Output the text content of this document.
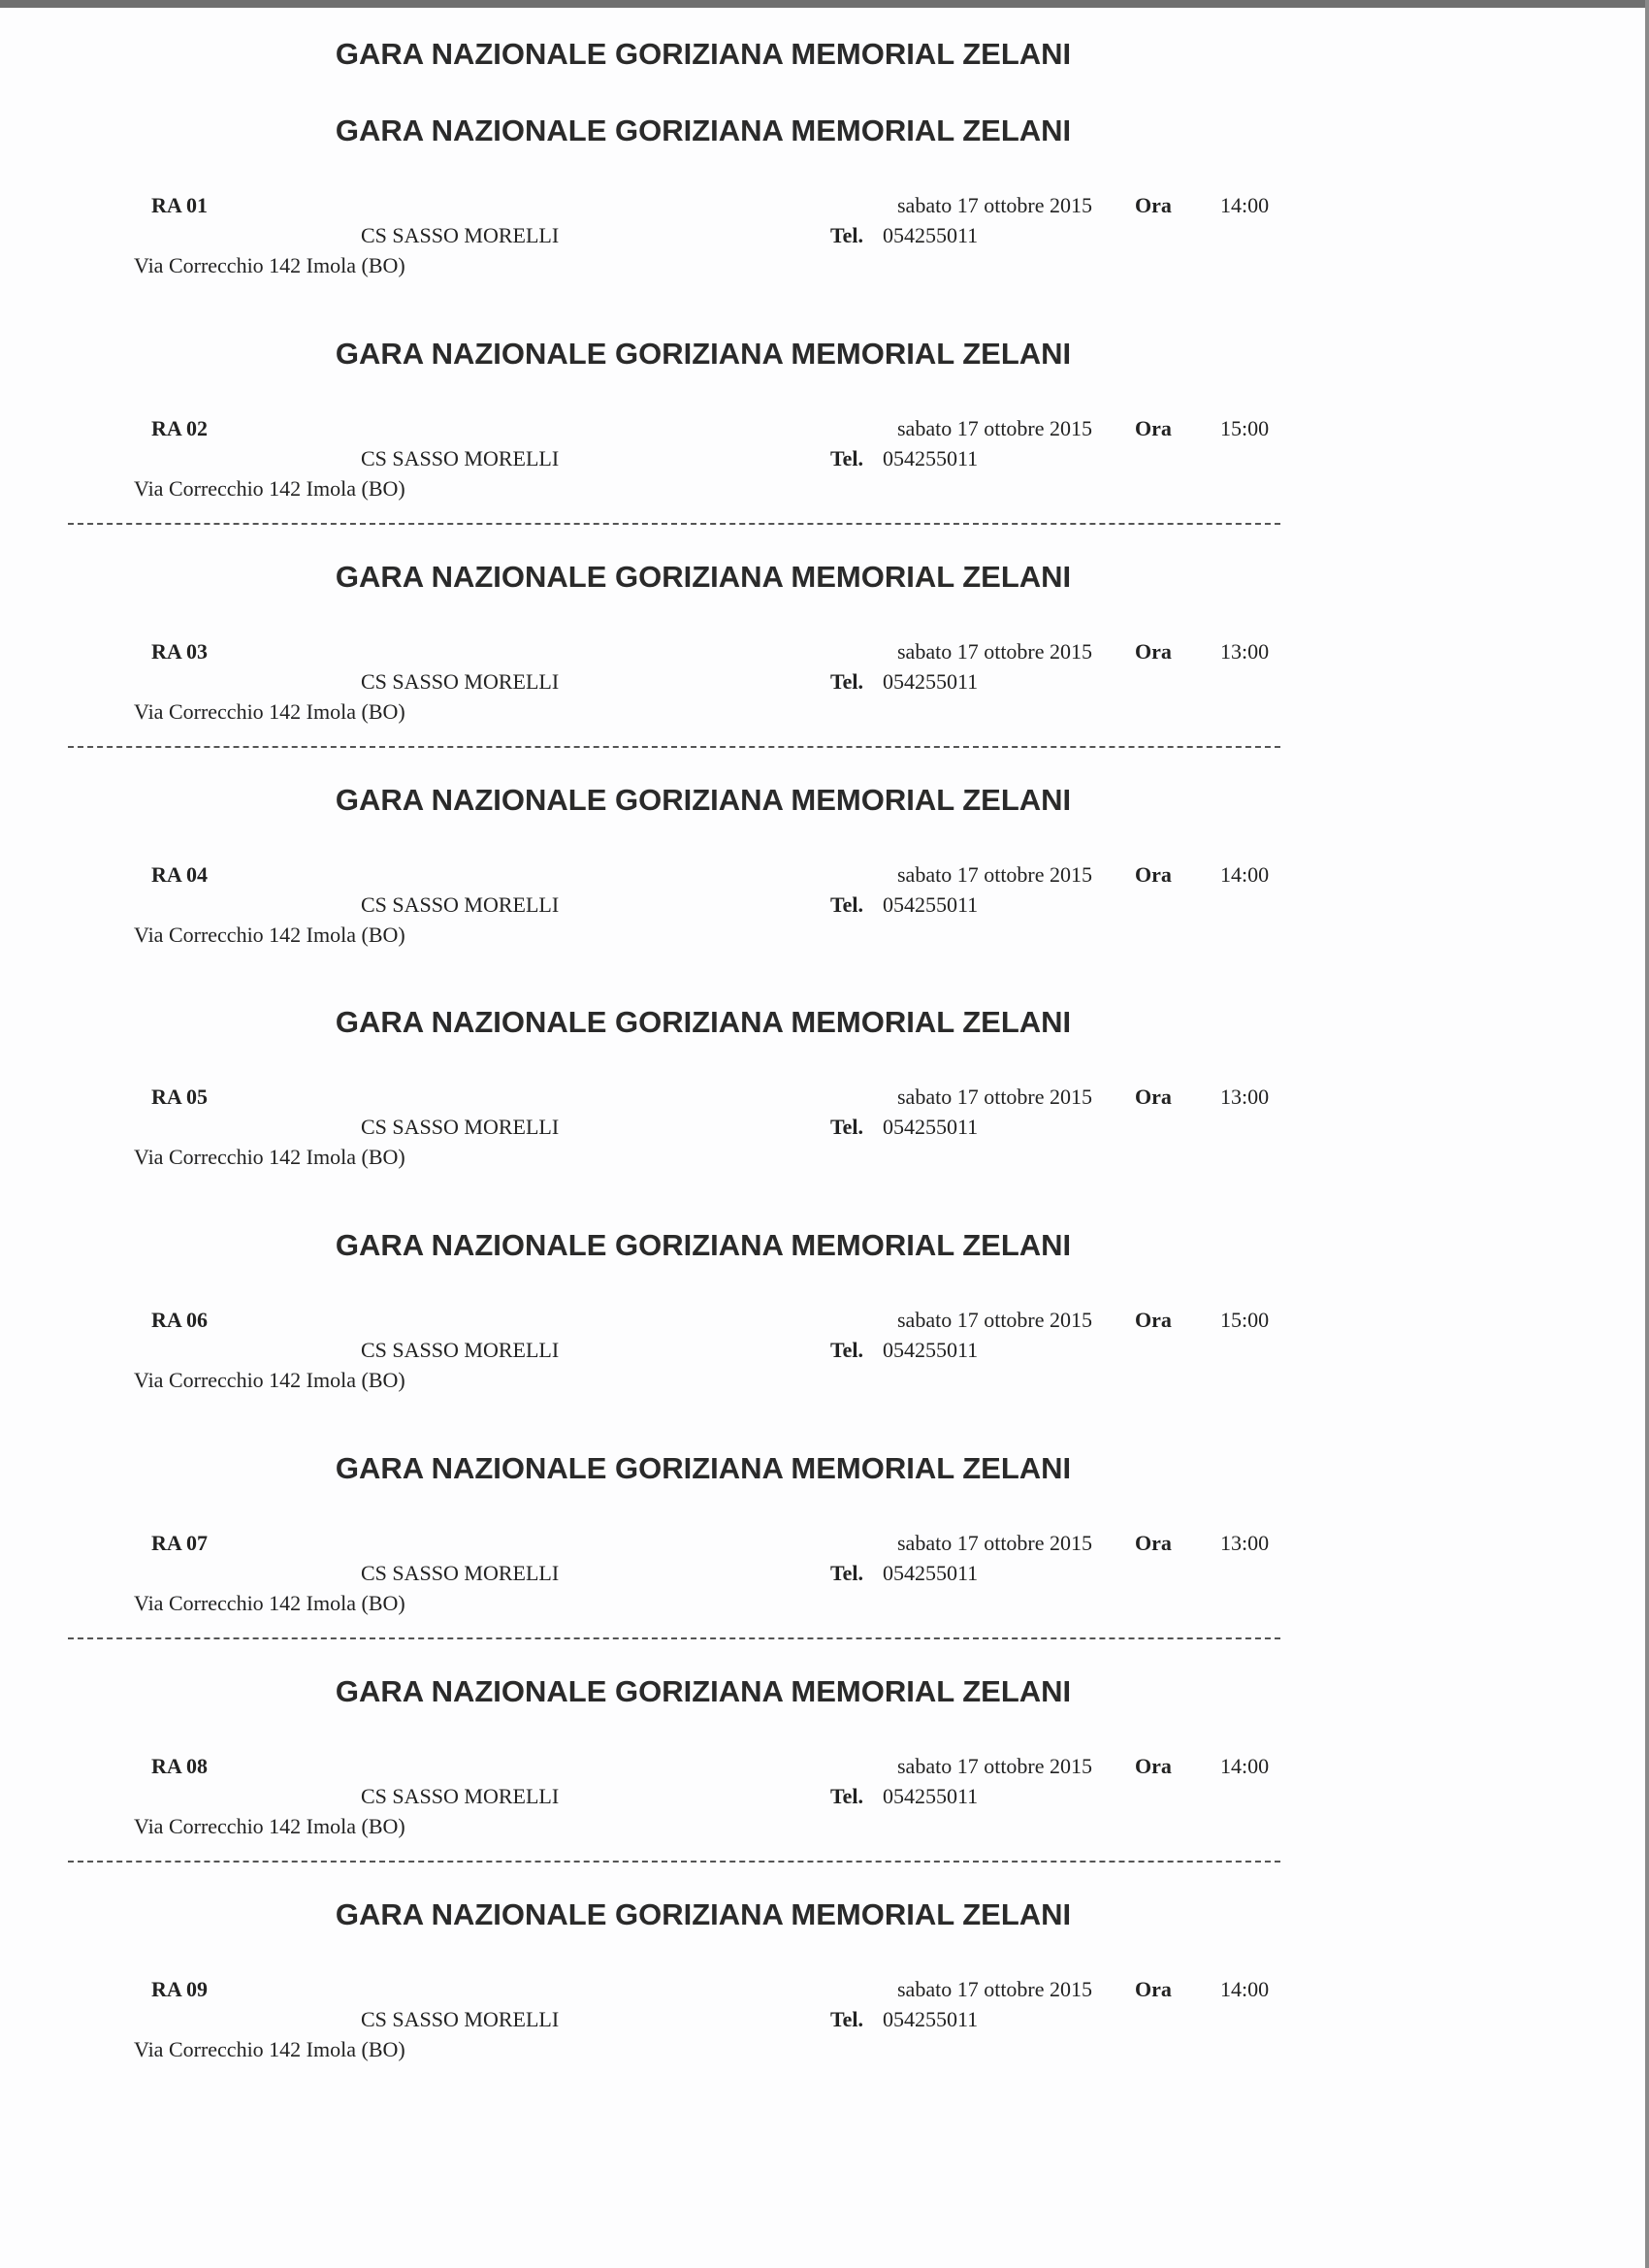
GARA NAZIONALE GORIZIANA MEMORIAL ZELANI
GARA NAZIONALE GORIZIANA MEMORIAL ZELANI
RA 01	sabato 17 ottobre 2015 Ora 14:00
CS SASSO MORELLI	Tel. 054255011
Via Correcchio 142 Imola (BO)
GARA NAZIONALE GORIZIANA MEMORIAL ZELANI
RA 02	sabato 17 ottobre 2015 Ora 15:00
CS SASSO MORELLI	Tel. 054255011
Via Correcchio 142 Imola (BO)
GARA NAZIONALE GORIZIANA MEMORIAL ZELANI
RA 03	sabato 17 ottobre 2015 Ora 13:00
CS SASSO MORELLI	Tel. 054255011
Via Correcchio 142 Imola (BO)
GARA NAZIONALE GORIZIANA MEMORIAL ZELANI
RA 04	sabato 17 ottobre 2015 Ora 14:00
CS SASSO MORELLI	Tel. 054255011
Via Correcchio 142 Imola (BO)
GARA NAZIONALE GORIZIANA MEMORIAL ZELANI
RA 05	sabato 17 ottobre 2015 Ora 13:00
CS SASSO MORELLI	Tel. 054255011
Via Correcchio 142 Imola (BO)
GARA NAZIONALE GORIZIANA MEMORIAL ZELANI
RA 06	sabato 17 ottobre 2015 Ora 15:00
CS SASSO MORELLI	Tel. 054255011
Via Correcchio 142 Imola (BO)
GARA NAZIONALE GORIZIANA MEMORIAL ZELANI
RA 07	sabato 17 ottobre 2015 Ora 13:00
CS SASSO MORELLI	Tel. 054255011
Via Correcchio 142 Imola (BO)
GARA NAZIONALE GORIZIANA MEMORIAL ZELANI
RA 08	sabato 17 ottobre 2015 Ora 14:00
CS SASSO MORELLI	Tel. 054255011
Via Correcchio 142 Imola (BO)
GARA NAZIONALE GORIZIANA MEMORIAL ZELANI
RA 09	sabato 17 ottobre 2015 Ora 14:00
CS SASSO MORELLI	Tel. 054255011
Via Correcchio 142 Imola (BO)
